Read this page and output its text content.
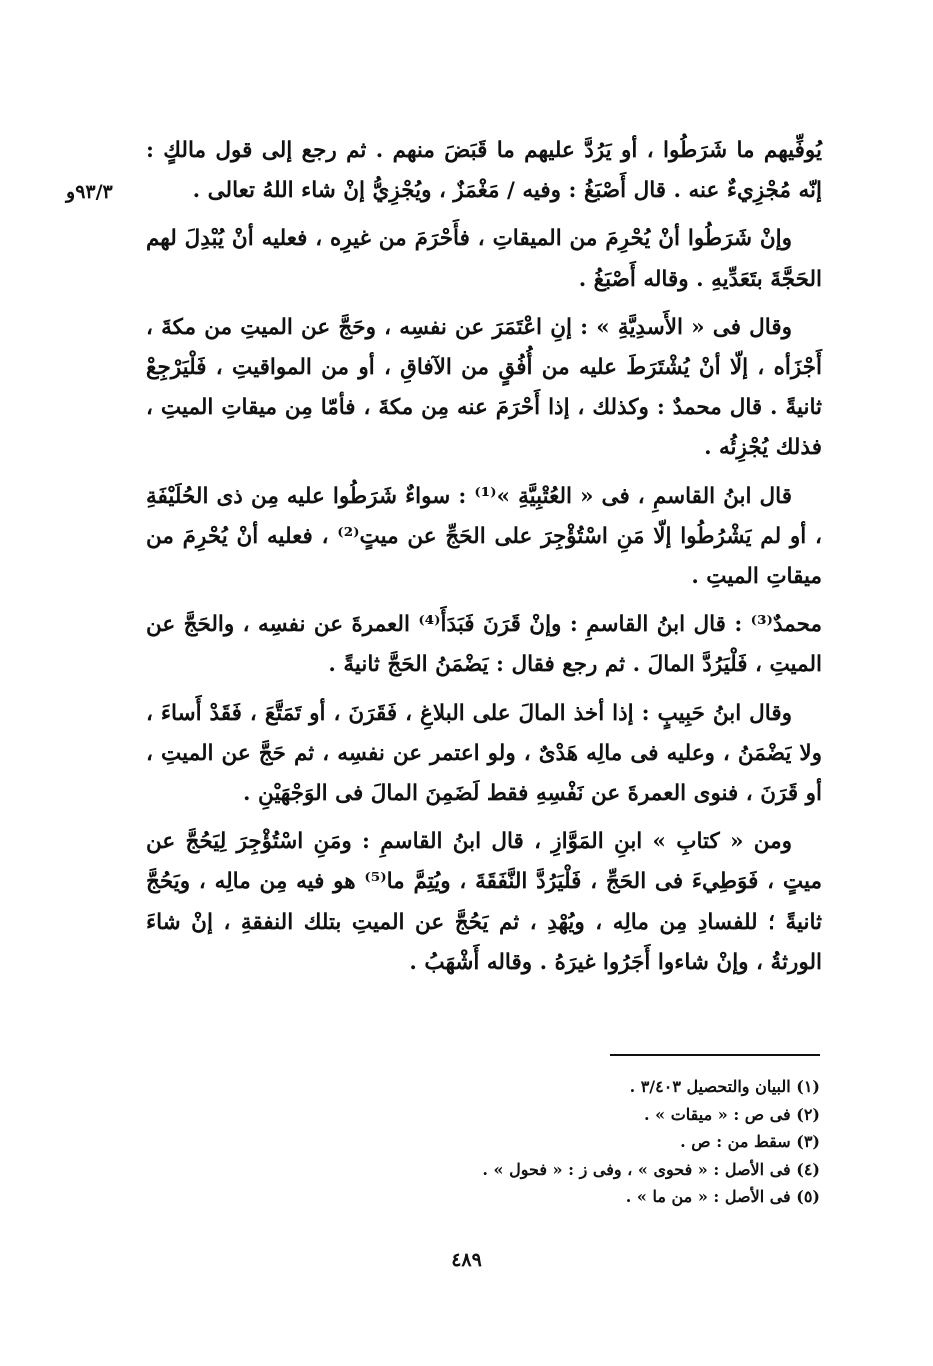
٩٣/٣و

يُوفِّيهم ما شَرَطُوا ، أو يَرُدَّ عليهم ما قَبَضَ منهم . ثم رجع إلى قول مالكٍ : إنّه مُجْزِيءٌ عنه . قال أَصْبَغُ : وفيه / مَغْمَزٌ ، ويُجْزِيُّ إنْ شاء اللهُ تعالى .

وإنْ شَرَطُوا أنْ يُحْرِمَ من الميقاتِ ، فأَحْرَمَ من غيرِه ، فعليه أنْ يُبْدِلَ لهم الحَجَّةَ بتَعَدِّيهِ . وقاله أَصْبَغُ .

وقال فى « الأَسدِيَّةِ » : إنِ اعْتَمَرَ عن نفسِه ، وحَجَّ عن الميتِ من مكةَ ، أَجْزَأه ، إلّا أنْ يُشْتَرَطَ عليه من أُفُقٍ من الآفاقِ ، أو من المواقيتِ ، فَلْيَرْجِعْ ثانيةً . قال محمدٌ : وكذلك ، إذا أَحْرَمَ عنه مِن مكةَ ، فأمّا مِن ميقاتِ الميتِ ، فذلك يُجْزِئُه .

قال ابنُ القاسمِ ، فى « العُتْبِيَّةِ »⁽¹⁾ : سواءٌ شَرَطُوا عليه مِن ذى الحُلَيْفَةِ ، أو لم يَشْرُطُوا إلّا مَنِ اسْتُؤْجِرَ على الحَجِّ عن ميتٍ⁽²⁾ ، فعليه أنْ يُحْرِمَ من ميقاتِ الميتِ .

محمدٌ⁽³⁾ : قال ابنُ القاسمِ : وإنْ قَرَنَ فَبَدَأَ⁽⁴⁾ العمرةَ عن نفسِه ، والحَجَّ عن الميتِ ، فَلْيَرُدَّ المالَ . ثم رجع فقال : يَضْمَنُ الحَجَّ ثانيةً .

وقال ابنُ حَبِيبٍ : إذا أخذ المالَ على البلاغِ ، فَقَرَنَ ، أو تَمَتَّعَ ، فَقَدْ أَساءَ ، ولا يَضْمَنُ ، وعليه فى مالِه هَدْىٌ ، ولو اعتمر عن نفسِه ، ثم حَجَّ عن الميتِ ، أو قَرَنَ ، فنوى العمرةَ عن نَفْسِهِ فقط لَضَمِنَ المالَ فى الوَجْهَيْنِ .

ومن « كتابِ » ابنِ المَوَّازِ ، قال ابنُ القاسمِ : ومَنِ اسْتُؤْجِرَ لِيَحُجَّ عن ميتٍ ، فَوَطِيءَ فى الحَجِّ ، فَلْيَرُدَّ النَّفَقَةَ ، ويُتِمَّ ما⁽⁵⁾ هو فيه مِن مالِه ، ويَحُجَّ ثانيةً ؛ للفسادِ مِن مالِه ، ويُهْدِ ، ثم يَحُجَّ عن الميتِ بتلك النفقةِ ، إنْ شاءَ الورثةُ ، وإنْ شاءوا أَجَرُوا غيرَهُ . وقاله أَشْهَبُ .

(١) البيان والتحصيل ٣/٤٠٣ .

(٢) فى ص : « ميقات » .

(٣) سقط من : ص .

(٤) فى الأصل : « فحوى » ، وفى ز : « فحول » .

(٥) فى الأصل : « من ما » .

٤٨٩
